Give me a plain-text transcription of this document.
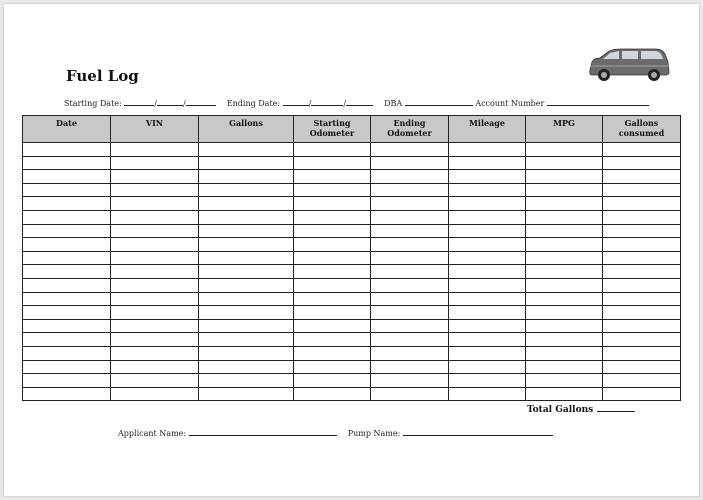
Fuel Log
Starting Date:	/	/	Ending Date:	/	/	DBA	Account Number
Date	VIN	Gallons	Starting Odometer	Ending Odometer	Mileage	MPG	Gallons consumed

Total Gallons
Applicant Name:	Pump Name:
